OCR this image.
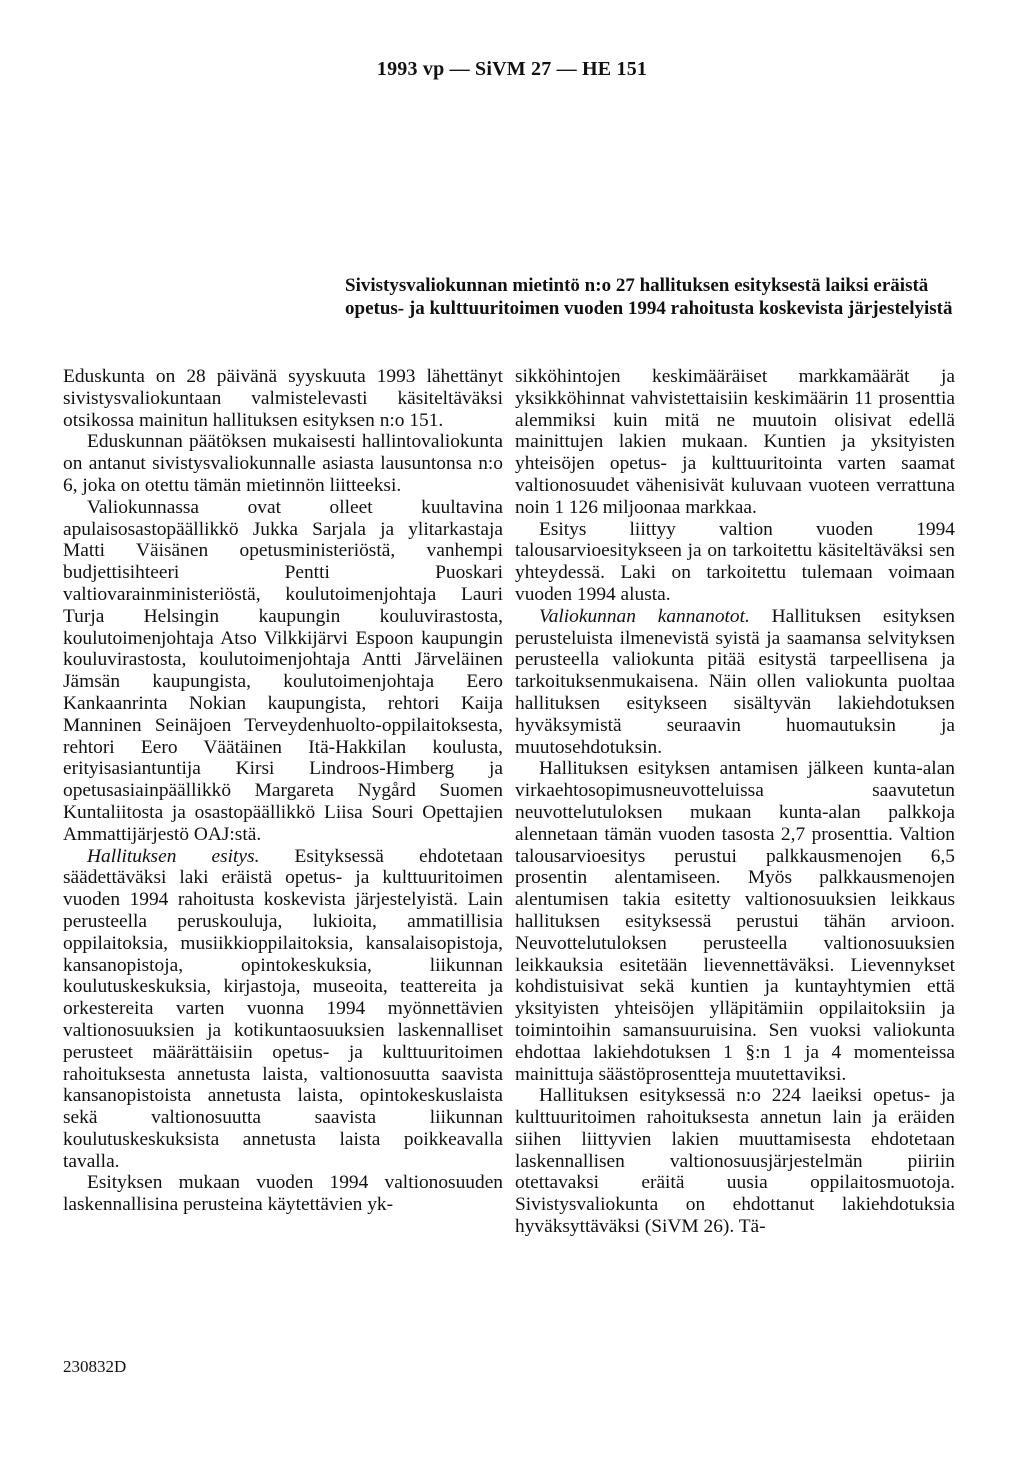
1993 vp — SiVM 27 — HE 151
Sivistysvaliokunnan mietintö n:o 27 hallituksen esityksestä laiksi eräistä opetus- ja kulttuuritoimen vuoden 1994 rahoitusta koskevista järjestelyistä

Eduskunta on 28 päivänä syyskuuta 1993 lähettänyt sivistysvaliokuntaan valmistelevasti käsiteltäväksi otsikossa mainitun hallituksen esityksen n:o 151.

Eduskunnan päätöksen mukaisesti hallintovaliokunta on antanut sivistysvaliokunnalle asiasta lausuntonsa n:o 6, joka on otettu tämän mietinnön liitteeksi.

Valiokunnassa ovat olleet kuultavina apulaisosastopäällikkö Jukka Sarjala ja ylitarkastaja Matti Väisänen opetusministeriöstä, vanhempi budjettisihteeri Pentti Puoskari valtiovarainministeriöstä, koulutoimenjohtaja Lauri Turja Helsingin kaupungin kouluvirastosta, koulutoimenjohtaja Atso Vilkkijärvi Espoon kaupungin kouluvirastosta, koulutoimenjohtaja Antti Järveläinen Jämsän kaupungista, koulutoimenjohtaja Eero Kankaanrinta Nokian kaupungista, rehtori Kaija Manninen Seinäjoen Terveydenhuolto-oppilaitoksesta, rehtori Eero Väätäinen Itä-Hakkilan koulusta, erityisasiantuntija Kirsi Lindroos-Himberg ja opetusasiainpäällikkö Margareta Nygård Suomen Kuntaliitosta ja osastopäällikkö Liisa Souri Opettajien Ammattijärjestö OAJ:stä.

Hallituksen esitys. Esityksessä ehdotetaan säädettäväksi laki eräistä opetus- ja kulttuuritoimen vuoden 1994 rahoitusta koskevista järjestelyistä. Lain perusteella peruskouluja, lukioita, ammatillisia oppilaitoksia, musiikkioppilaitoksia, kansalaisopistoja, kansanopistoja, opintokeskuksia, liikunnan koulutuskeskuksia, kirjastoja, museoita, teattereita ja orkestereita varten vuonna 1994 myönnettävien valtionosuuksien ja kotikuntaosuuksien laskennalliset perusteet määrättäisiin opetus- ja kulttuuritoimen rahoituksesta annetusta laista, valtionosuutta saavista kansanopistoista annetusta laista, opintokeskuslaista sekä valtionosuutta saavista liikunnan koulutuskeskuksista annetusta laista poikkeavalla tavalla.

Esityksen mukaan vuoden 1994 valtionosuuden laskennallisina perusteina käytettävien yk-

sikköhintojen keskimääräiset markkamäärät ja yksikköhinnat vahvistettaisiin keskimäärin 11 prosenttia alemmiksi kuin mitä ne muutoin olisivat edellä mainittujen lakien mukaan. Kuntien ja yksityisten yhteisöjen opetus- ja kulttuuritointa varten saamat valtionosuudet vähenisivät kuluvaan vuoteen verrattuna noin 1 126 miljoonaa markkaa.

Esitys liittyy valtion vuoden 1994 talousarvioesitykseen ja on tarkoitettu käsiteltäväksi sen yhteydessä. Laki on tarkoitettu tulemaan voimaan vuoden 1994 alusta.

Valiokunnan kannanotot. Hallituksen esityksen perusteluista ilmenevistä syistä ja saamansa selvityksen perusteella valiokunta pitää esitystä tarpeellisena ja tarkoituksenmukaisena. Näin ollen valiokunta puoltaa hallituksen esitykseen sisältyvän lakiehdotuksen hyväksymistä seuraavin huomautuksin ja muutosehdotuksin.

Hallituksen esityksen antamisen jälkeen kunta-alan virkaehtosopimusneuvotteluissa saavutetun neuvottelutuloksen mukaan kunta-alan palkkoja alennetaan tämän vuoden tasosta 2,7 prosenttia. Valtion talousarvioesitys perustui palkkausmenojen 6,5 prosentin alentamiseen. Myös palkkausmenojen alentumisen takia esitetty valtionosuuksien leikkaus hallituksen esityksessä perustui tähän arvioon. Neuvottelutuloksen perusteella valtionosuuksien leikkauksia esitetään lievennettäväksi. Lievennykset kohdistuisivat sekä kuntien ja kuntayhtymien että yksityisten yhteisöjen ylläpitämiin oppilaitoksiin ja toimintoihin samansuuruisina. Sen vuoksi valiokunta ehdottaa lakiehdotuksen 1 §:n 1 ja 4 momenteissa mainittuja säästöprosentteja muutettaviksi.

Hallituksen esityksessä n:o 224 laeiksi opetus- ja kulttuuritoimen rahoituksesta annetun lain ja eräiden siihen liittyvien lakien muuttamisesta ehdotetaan laskennallisen valtionosuusjärjestelmän piiriin otettavaksi eräitä uusia oppilaitosmuotoja. Sivistysvaliokunta on ehdottanut lakiehdotuksia hyväksyttäväksi (SiVM 26). Tä-

230832D
